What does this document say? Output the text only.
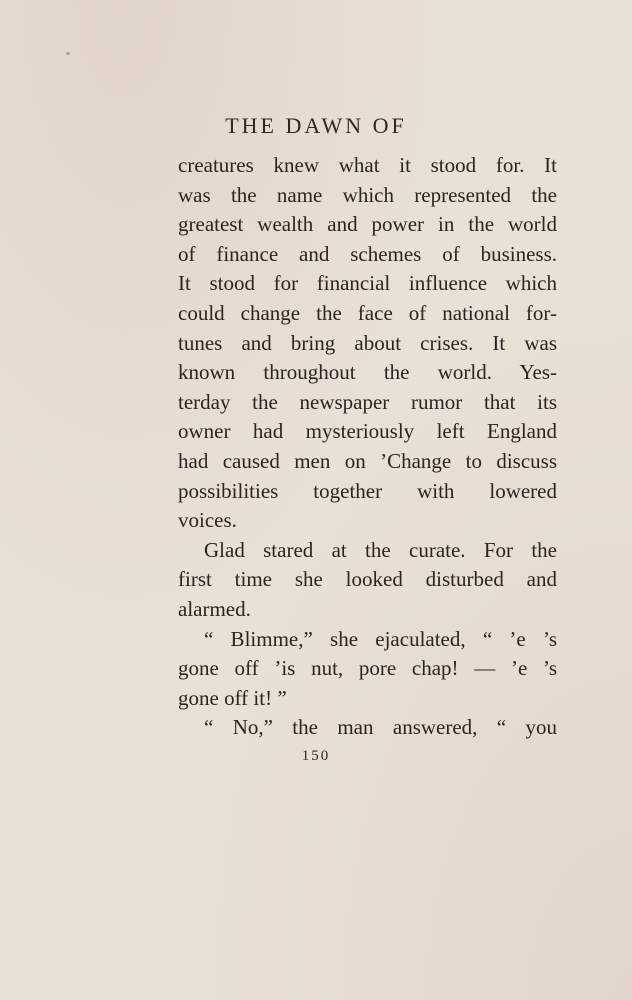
THE DAWN OF
creatures knew what it stood for. It
was the name which represented the
greatest wealth and power in the world
of finance and schemes of business.
It stood for financial influence which
could change the face of national for-
tunes and bring about crises. It was
known throughout the world. Yes-
terday the newspaper rumor that its
owner had mysteriously left England
had caused men on ’Change to discuss
possibilities together with lowered
voices.
Glad stared at the curate. For the
first time she looked disturbed and
alarmed.
“ Blimme,” she ejaculated, “ ’e ’s
gone off ’is nut, pore chap! — ’e ’s
gone off it! ”
“ No,” the man answered, “ you
150
